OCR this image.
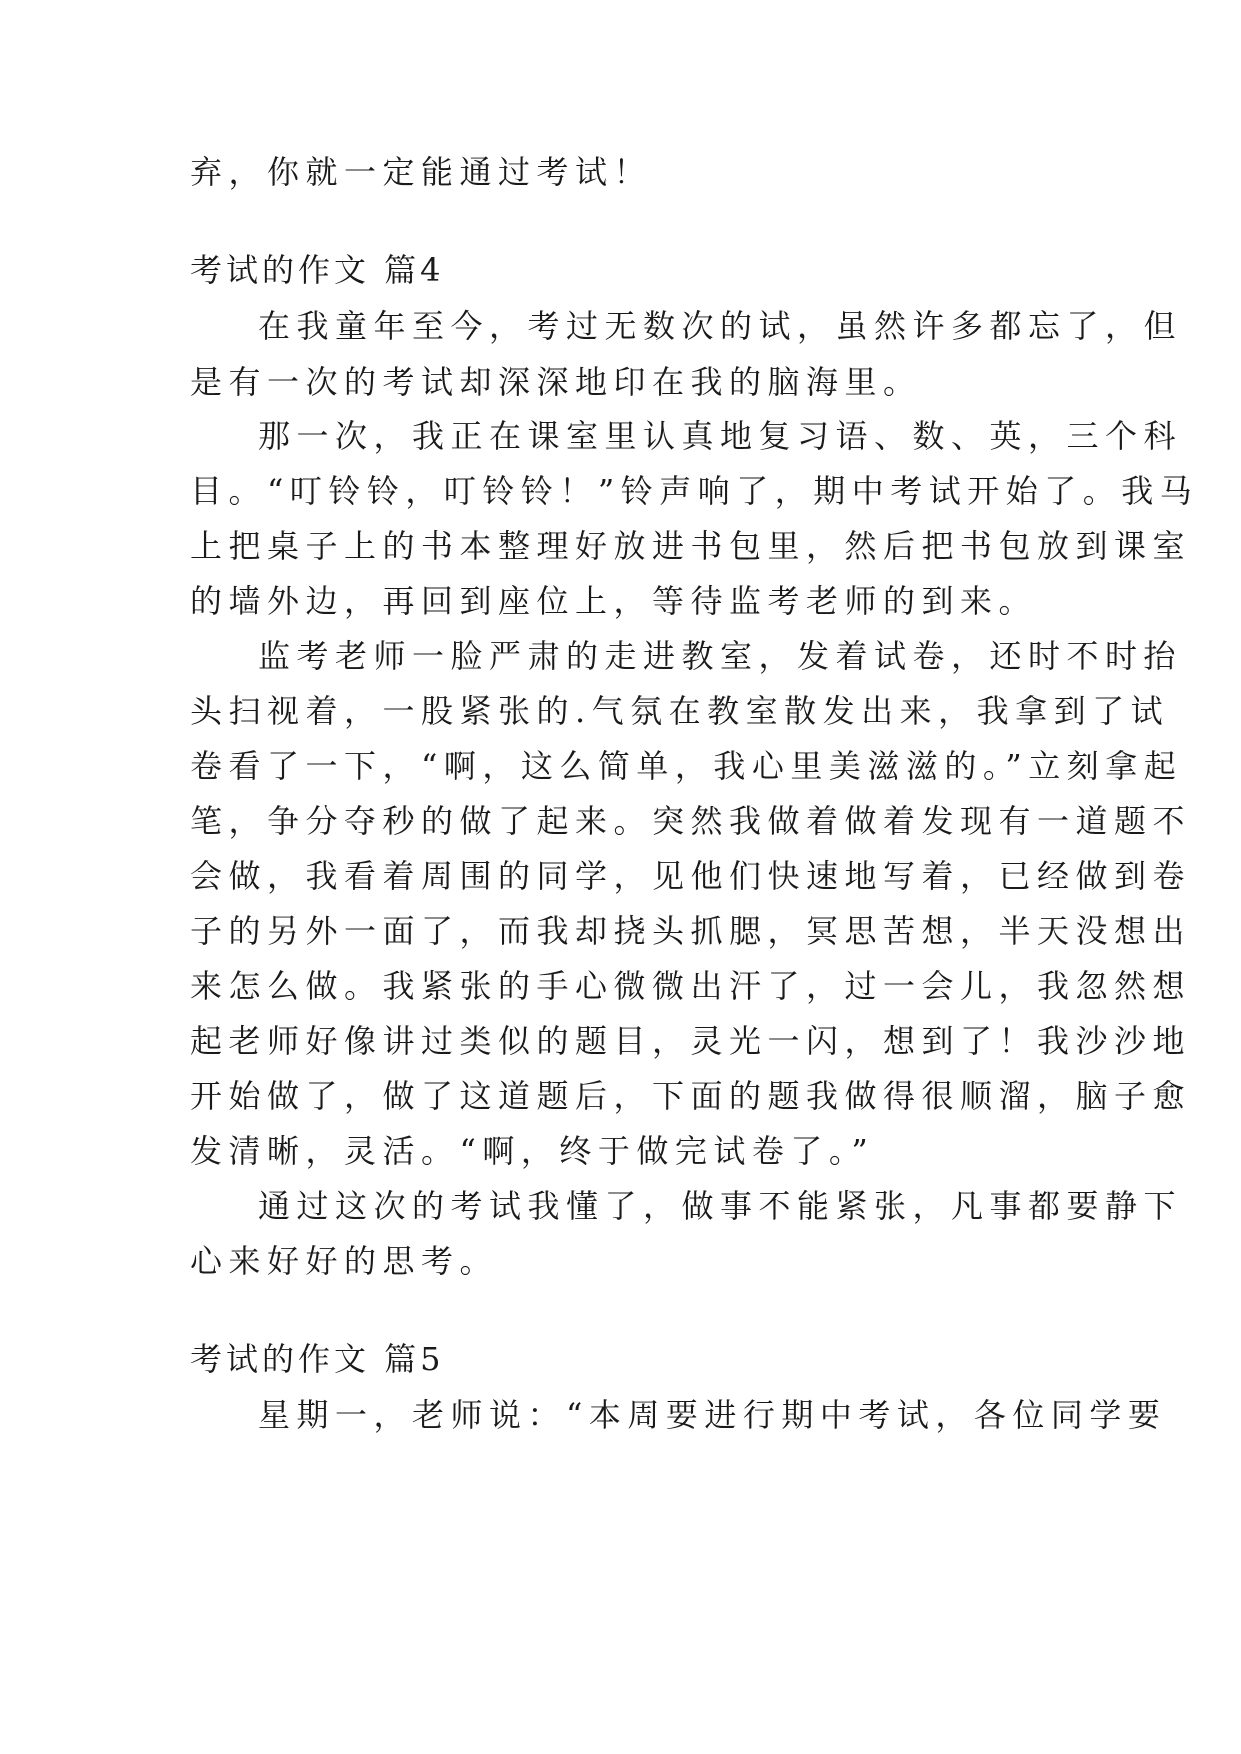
弃，你就一定能通过考试！
考试的作文 篇4
在我童年至今，考过无数次的试，虽然许多都忘了，但
是有一次的考试却深深地印在我的脑海里。
那一次，我正在课室里认真地复习语、数、英，三个科
目。“叮铃铃，叮铃铃！”铃声响了，期中考试开始了。我马
上把桌子上的书本整理好放进书包里，然后把书包放到课室
的墙外边，再回到座位上，等待监考老师的到来。
监考老师一脸严肃的走进教室，发着试卷，还时不时抬
头扫视着，一股紧张的.气氛在教室散发出来，我拿到了试
卷看了一下，“啊，这么简单，我心里美滋滋的。”立刻拿起
笔，争分夺秒的做了起来。突然我做着做着发现有一道题不
会做，我看着周围的同学，见他们快速地写着，已经做到卷
子的另外一面了，而我却挠头抓腮，冥思苦想，半天没想出
来怎么做。我紧张的手心微微出汗了，过一会儿，我忽然想
起老师好像讲过类似的题目，灵光一闪，想到了！我沙沙地
开始做了，做了这道题后，下面的题我做得很顺溜，脑子愈
发清晰，灵活。“啊，终于做完试卷了。”
通过这次的考试我懂了，做事不能紧张，凡事都要静下
心来好好的思考。
考试的作文 篇5
星期一，老师说：“本周要进行期中考试，各位同学要
